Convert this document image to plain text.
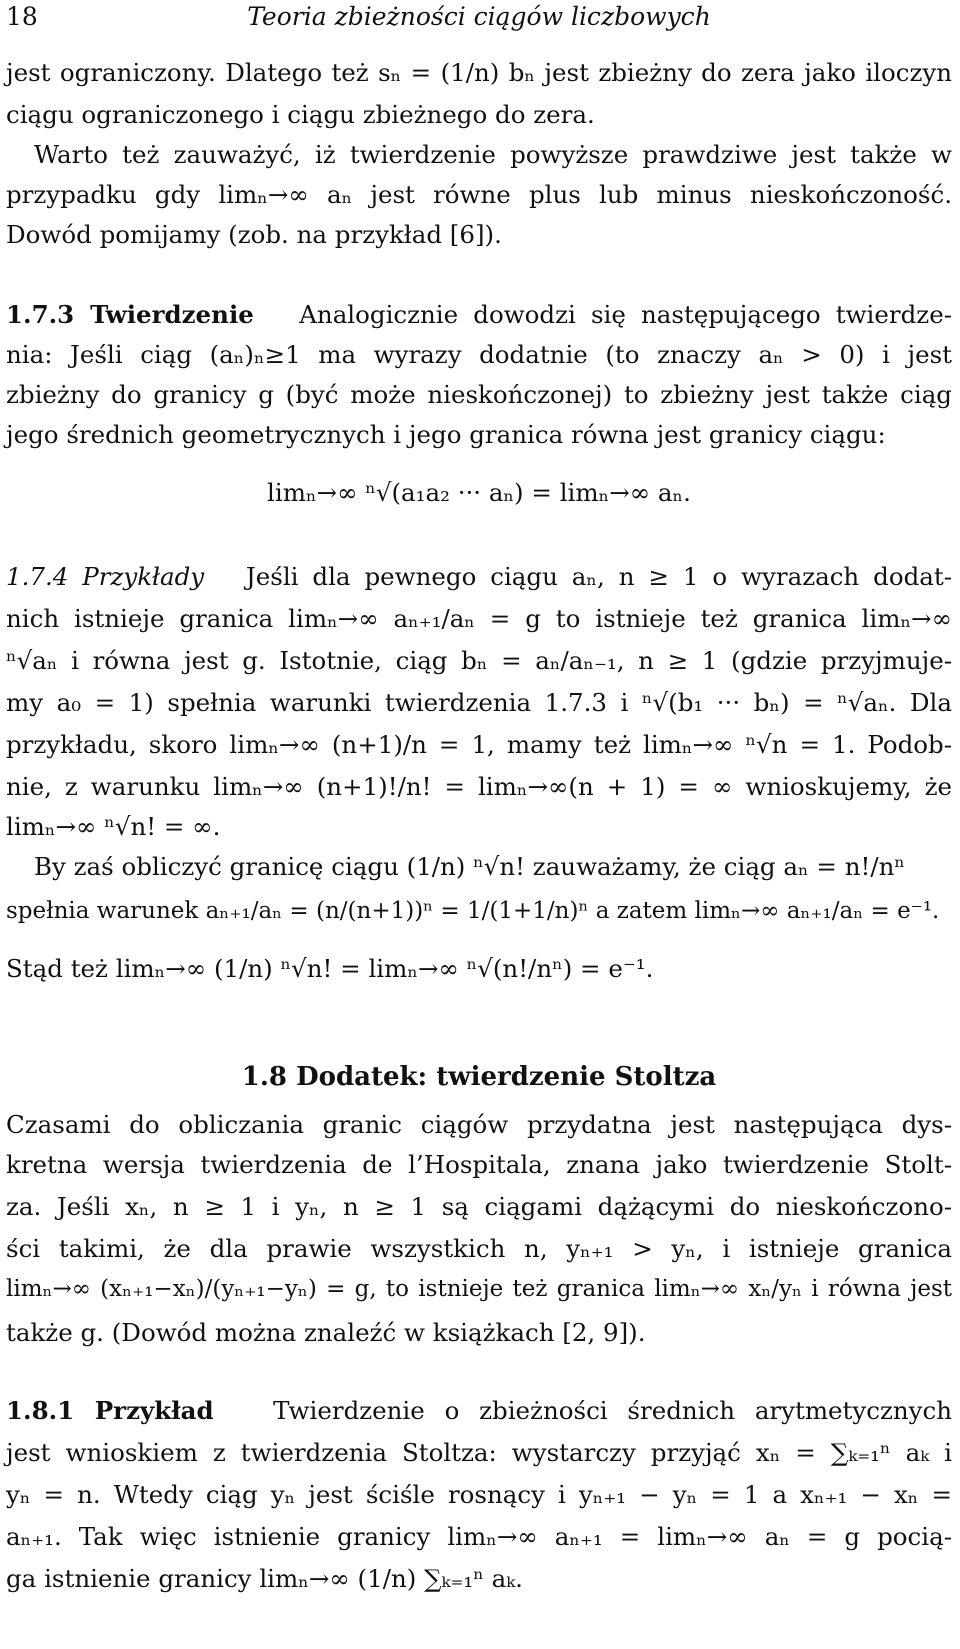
18	Teoria zbieżności ciągów liczbowych
jest ograniczony. Dlatego też sₙ = (1/n) bₙ jest zbieżny do zera jako iloczyn
ciągu ograniczonego i ciągu zbieżnego do zera.
Warto też zauważyć, iż twierdzenie powyższe prawdziwe jest także w
przypadku gdy limₙ→∞ aₙ jest równe plus lub minus nieskończoność.
Dowód pomijamy (zob. na przykład [6]).
1.7.3 Twierdzenie Analogicznie dowodzi się następującego twierdze-
nia: Jeśli ciąg (aₙ)ₙ≥1 ma wyrazy dodatnie (to znaczy aₙ > 0) i jest
zbieżny do granicy g (być może nieskończonej) to zbieżny jest także ciąg
jego średnich geometrycznych i jego granica równa jest granicy ciągu:
limₙ→∞ ⁿ√(a₁a₂ ··· aₙ) = limₙ→∞ aₙ.
1.7.4 Przykłady Jeśli dla pewnego ciągu aₙ, n ≥ 1 o wyrazach dodat-
nich istnieje granica limₙ→∞ aₙ₊₁/aₙ = g to istnieje też granica limₙ→∞
ⁿ√aₙ i równa jest g. Istotnie, ciąg bₙ = aₙ/aₙ₋₁, n ≥ 1 (gdzie przyjmuje-
my a₀ = 1) spełnia warunki twierdzenia 1.7.3 i ⁿ√(b₁ ··· bₙ) = ⁿ√aₙ. Dla
przykładu, skoro limₙ→∞ (n+1)/n = 1, mamy też limₙ→∞ ⁿ√n = 1. Podob-
nie, z warunku limₙ→∞ (n+1)!/n! = limₙ→∞(n + 1) = ∞ wnioskujemy, że
limₙ→∞ ⁿ√n! = ∞.
By zaś obliczyć granicę ciągu (1/n) ⁿ√n! zauważamy, że ciąg aₙ = n!/nⁿ
spełnia warunek aₙ₊₁/aₙ = (n/(n+1))ⁿ = 1/(1+1/n)ⁿ a zatem limₙ→∞ aₙ₊₁/aₙ = e⁻¹.
Stąd też limₙ→∞ (1/n) ⁿ√n! = limₙ→∞ ⁿ√(n!/nⁿ) = e⁻¹.
1.8 Dodatek: twierdzenie Stoltza
Czasami do obliczania granic ciągów przydatna jest następująca dys-
kretna wersja twierdzenia de l’Hospitala, znana jako twierdzenie Stolt-
za. Jeśli xₙ, n ≥ 1 i yₙ, n ≥ 1 są ciągami dążącymi do nieskończono-
ści takimi, że dla prawie wszystkich n, yₙ₊₁ > yₙ, i istnieje granica
limₙ→∞ (xₙ₊₁−xₙ)/(yₙ₊₁−yₙ) = g, to istnieje też granica limₙ→∞ xₙ/yₙ i równa jest
także g. (Dowód można znaleźć w książkach [2, 9]).
1.8.1 Przykład Twierdzenie o zbieżności średnich arytmetycznych
jest wnioskiem z twierdzenia Stoltza: wystarczy przyjąć xₙ = ∑ₖ₌₁ⁿ aₖ i
yₙ = n. Wtedy ciąg yₙ jest ściśle rosnący i yₙ₊₁ − yₙ = 1 a xₙ₊₁ − xₙ =
aₙ₊₁. Tak więc istnienie granicy limₙ→∞ aₙ₊₁ = limₙ→∞ aₙ = g pocią-
ga istnienie granicy limₙ→∞ (1/n) ∑ₖ₌₁ⁿ aₖ.
